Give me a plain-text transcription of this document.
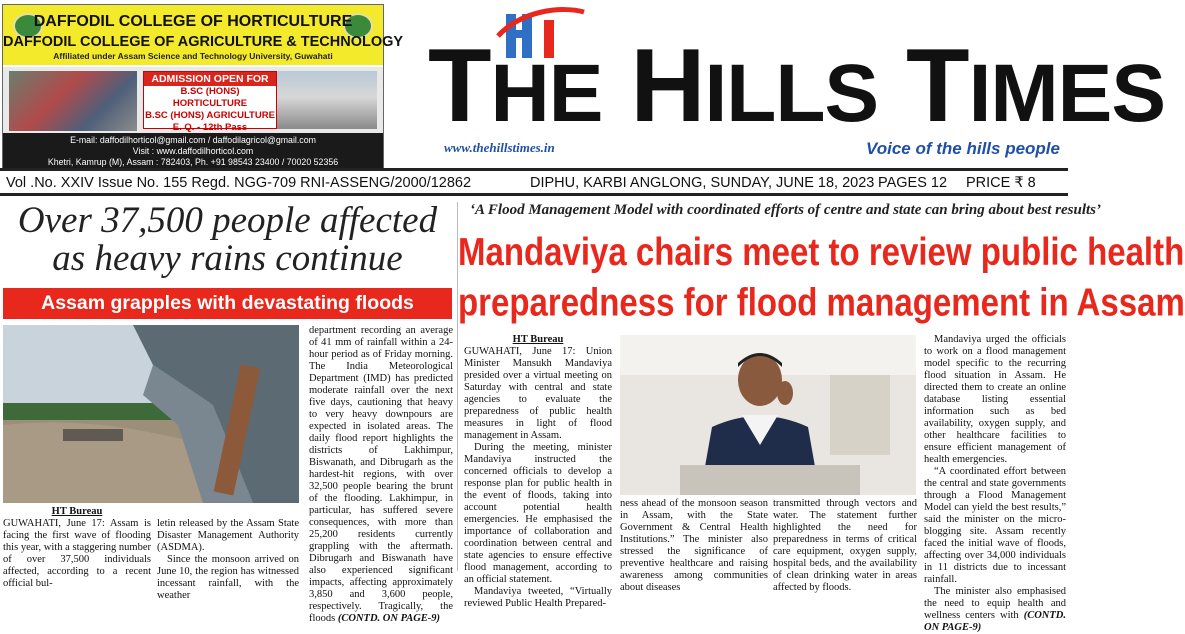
DAFFODIL COLLEGE OF HORTICULTURE
DAFFODIL COLLEGE OF AGRICULTURE & TECHNOLOGY
Affiliated under Assam Science and Technology University, Guwahati
ADMISSION OPEN FOR
B.SC (HONS) HORTICULTURE
B.SC (HONS) AGRICULTURE
E. Q. - 12th Pass
E-mail: daffodilhorticol@gmail.com / daffodilagricol@gmail.com
Visit : www.daffodilhorticol.com
Khetri, Kamrup (M), Assam : 782403, Ph. +91 98543 23400 / 70020 52356
THE HILLS TIMES
www.thehillstimes.in	Voice of the hills people
Vol .No. XXIV Issue No. 155 Regd. NGG-709 RNI-ASSENG/2000/12862	DIPHU, KARBI ANGLONG, SUNDAY, JUNE 18, 2023 PAGES 12 PRICE ₹ 8
Over 37,500 people affected
as heavy rains continue
Assam grapples with devastating floods
HT Bureau
GUWAHATI, June 17: Assam is facing the first wave of flooding this year, with a staggering number of over 37,500 individuals affected, according to a recent official bul-
letin released by the Assam State Disaster Management Authority (ASDMA).
Since the monsoon arrived on June 10, the region has witnessed incessant rainfall, with the weather
department recording an average of 41 mm of rainfall within a 24-hour period as of Friday morning. The India Meteorological Department (IMD) has predicted moderate rainfall over the next five days, cautioning that heavy to very heavy downpours are expected in isolated areas. The daily flood report highlights the districts of Lakhimpur, Biswanath, and Dibrugarh as the hardest-hit regions, with over 32,500 people bearing the brunt of the flooding. Lakhimpur, in particular, has suffered severe consequences, with more than 25,200 residents currently grappling with the aftermath. Dibrugarh and Biswanath have also experienced significant impacts, affecting approximately 3,850 and 3,600 people, respectively. Tragically, the floods (CONTD. ON PAGE-9)
‘A Flood Management Model with coordinated efforts of centre and state can bring about best results’
Mandaviya chairs meet to review public health
preparedness for flood management in Assam
HT Bureau
GUWAHATI, June 17: Union Minister Mansukh Mandaviya presided over a virtual meeting on Saturday with central and state agencies to evaluate the preparedness of public health measures in light of flood management in Assam.
During the meeting, minister Mandaviya instructed the concerned officials to develop a response plan for public health in the event of floods, taking into account potential health emergencies. He emphasised the importance of collaboration and coordination between central and state agencies to ensure effective flood management, according to an official statement.
Mandaviya tweeted, “Virtually reviewed Public Health Prepared-
ness ahead of the monsoon season in Assam, with the State Government & Central Health Institutions.” The minister also stressed the significance of preventive healthcare and raising awareness among communities about diseases
transmitted through vectors and water. The statement further highlighted the need for preparedness in terms of critical care equipment, oxygen supply, hospital beds, and the availability of clean drinking water in areas affected by floods.
Mandaviya urged the officials to work on a flood management model specific to the recurring flood situation in Assam. He directed them to create an online database listing essential information such as bed availability, oxygen supply, and other healthcare facilities to ensure efficient management of health emergencies.
“A coordinated effort between the central and state governments through a Flood Management Model can yield the best results,” said the minister on the micro-blogging site. Assam recently faced the initial wave of floods, affecting over 34,000 individuals in 11 districts due to incessant rainfall.
The minister also emphasised the need to equip health and wellness centers with (CONTD. ON PAGE-9)
